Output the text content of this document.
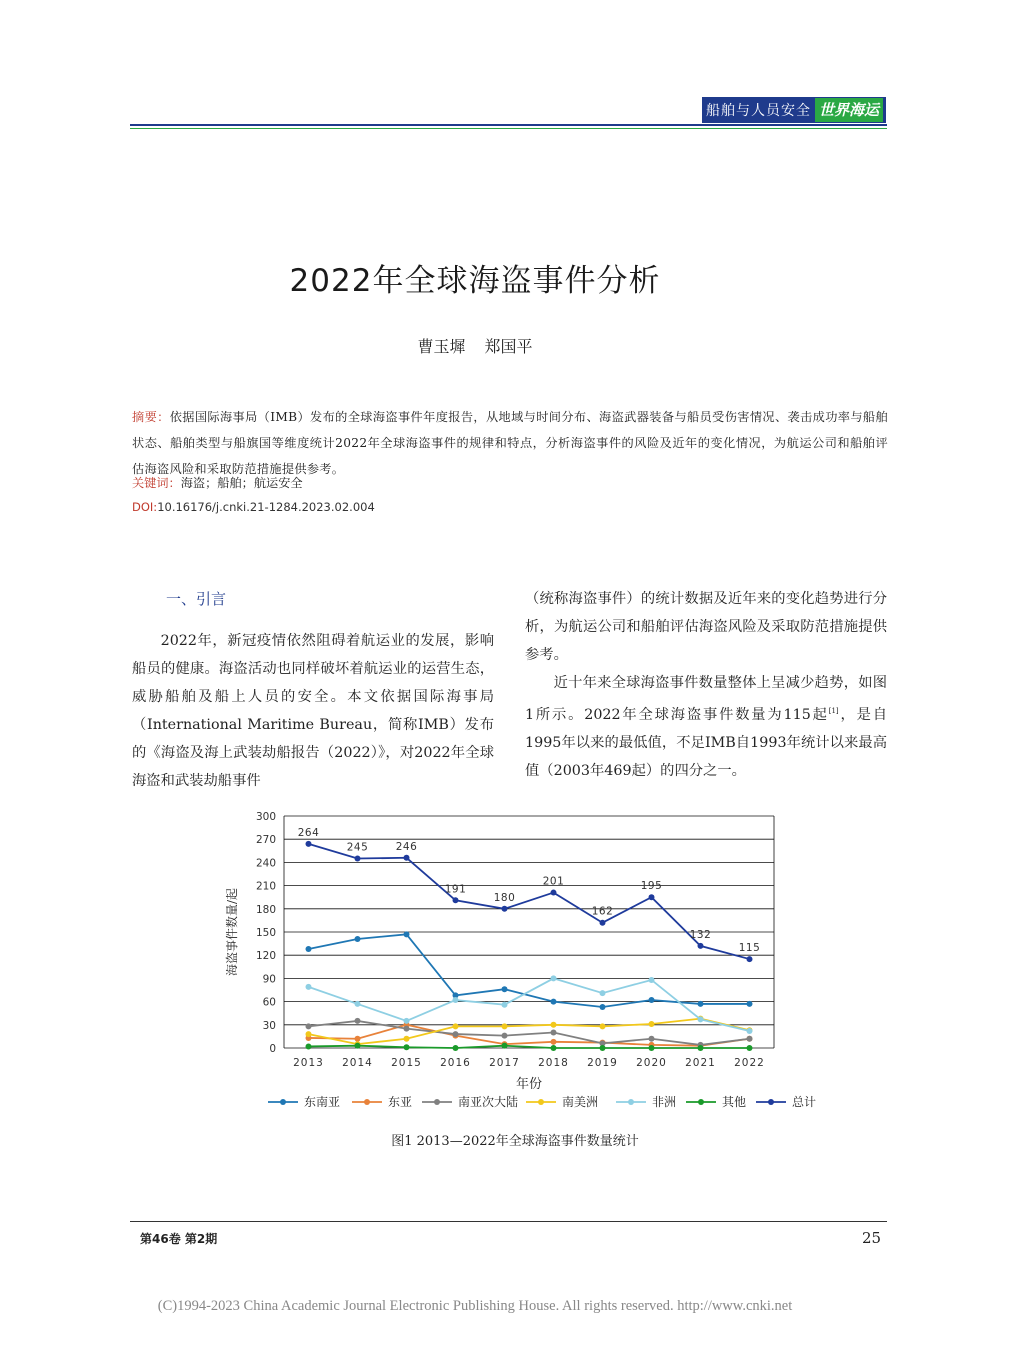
船舶与人员安全 世界海运
2022年全球海盗事件分析
曹玉墀 郑国平
摘要：依据国际海事局（IMB）发布的全球海盗事件年度报告，从地域与时间分布、海盗武器装备与船员受伤害情况、袭击成功率与船舶状态、船舶类型与船旗国等维度统计2022年全球海盗事件的规律和特点，分析海盗事件的风险及近年的变化情况，为航运公司和船舶评估海盗风险和采取防范措施提供参考。
关键词：海盗；船舶；航运安全
DOI:10.16176/j.cnki.21-1284.2023.02.004
一、引言

2022年，新冠疫情依然阻碍着航运业的发展，影响船员的健康。海盗活动也同样破坏着航运业的运营生态，威胁船舶及船上人员的安全。本文依据国际海事局（International Maritime Bureau，简称IMB）发布的《海盗及海上武装劫船报告（2022）》，对2022年全球海盗和武装劫船事件

（统称海盗事件）的统计数据及近年来的变化趋势进行分析，为航运公司和船舶评估海盗风险及采取防范措施提供参考。

近十年来全球海盗事件数量整体上呈减少趋势，如图1所示。2022年全球海盗事件数量为115起[1]，是自1995年以来的最低值，不足IMB自1993年统计以来最高值（2003年469起）的四分之一。

0
30
60
90
120
150
180
210
240
270
300
2013 2014 2015 2016 2017 2018 2019 2020 2021 2022
年份
海盗事件数量/起
264
245	246
191
180
201
162
195
132
115
东南亚	东亚	南亚次大陆	南美洲	非洲	其他	总计
图1 2013—2022年全球海盗事件数量统计
第46卷 第2期	25
(C)1994-2023 China Academic Journal Electronic Publishing House. All rights reserved. http://www.cnki.net
